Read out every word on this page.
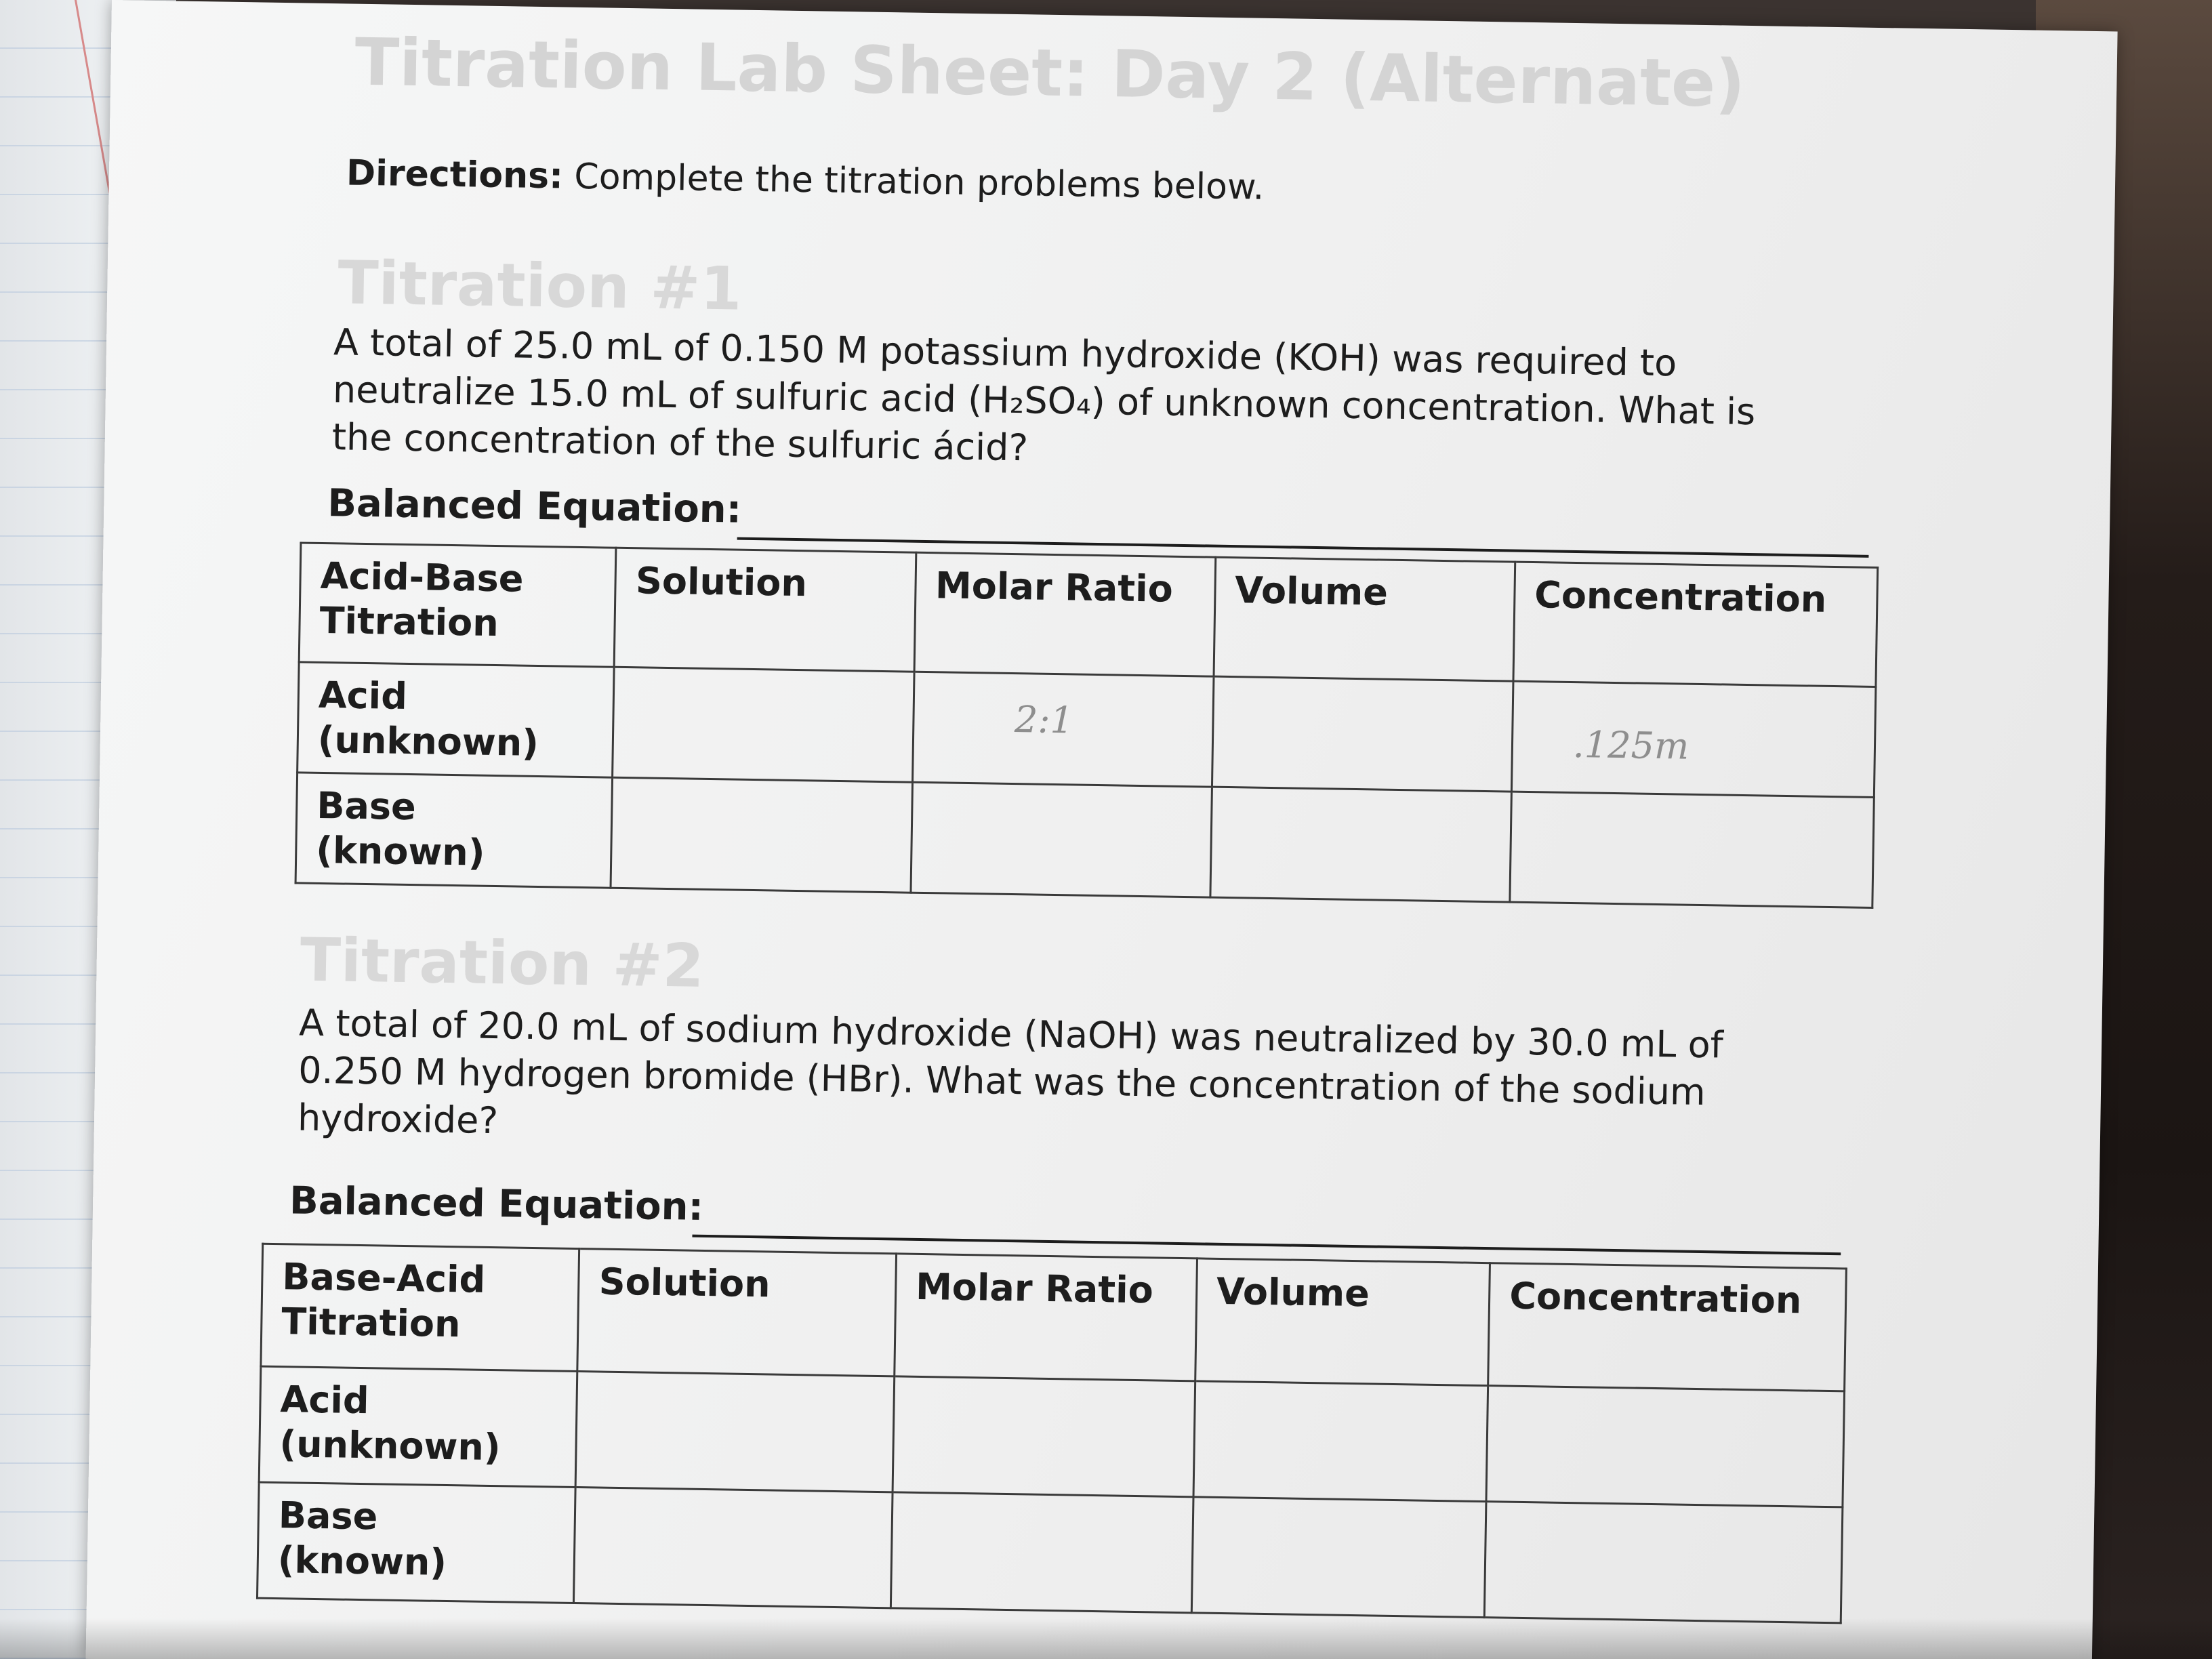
Titration Lab Sheet: Day 2 (Alternate)
Directions: Complete the titration problems below.
Titration #1
A total of 25.0 mL of 0.150 M potassium hydroxide (KOH) was required to neutralize 15.0 mL of sulfuric acid (H₂SO₄) of unknown concentration. What is the concentration of the sulfuric ácid?
Balanced Equation:
Acid-Base Titration	Solution	Molar Ratio	Volume	Concentration
Acid (unknown)		2:1		.125m

Base (known)				
Titration #2
A total of 20.0 mL of sodium hydroxide (NaOH) was neutralized by 30.0 mL of 0.250 M hydrogen bromide (HBr). What was the concentration of the sodium hydroxide?
Balanced Equation:
Base-Acid Titration	Solution	Molar Ratio	Volume	Concentration
Acid (unknown)				
Base (known)				
